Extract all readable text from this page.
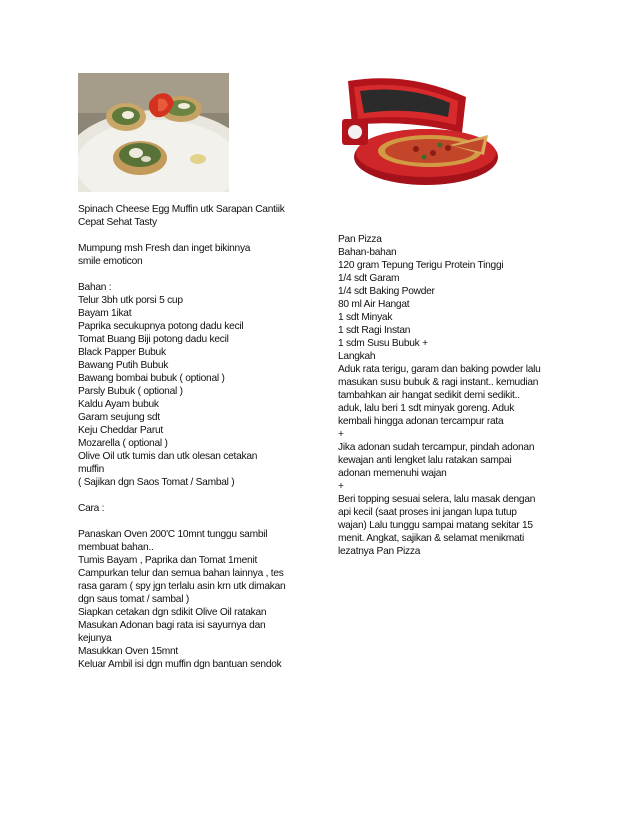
Spinach Cheese Egg Muffin utk Sarapan Cantiik
Cepat Sehat Tasty
Mumpung msh Fresh dan inget bikinnya
smile emoticon
Bahan :
Telur 3bh utk porsi 5 cup
Bayam 1ikat
Paprika secukupnya potong dadu kecil
Tomat Buang Biji potong dadu kecil
Black Papper Bubuk
Bawang Putih Bubuk
Bawang bombai bubuk ( optional )
Parsly Bubuk ( optional )
Kaldu Ayam bubuk
Garam seujung sdt
Keju Cheddar Parut
Mozarella ( optional )
Olive Oil utk tumis dan utk olesan cetakan
muffin
( Sajikan dgn Saos Tomat / Sambal )
Cara :
Panaskan Oven 200'C 10mnt tunggu sambil
membuat bahan..
Tumis Bayam , Paprika dan Tomat 1menit
Campurkan telur dan semua bahan lainnya , tes
rasa garam ( spy jgn terlalu asin krn utk dimakan
dgn saus tomat / sambal )
Siapkan cetakan dgn sdikit Olive Oil ratakan
Masukan Adonan bagi rata isi sayurnya dan
kejunya
Masukkan Oven 15mnt
Keluar Ambil isi dgn muffin dgn bantuan sendok
Pan Pizza
Bahan-bahan
120 gram Tepung Terigu Protein Tinggi
1/4 sdt Garam
1/4 sdt Baking Powder
80 ml Air Hangat
1 sdt Minyak
1 sdt Ragi Instan
1 sdm Susu Bubuk +
Langkah
Aduk rata terigu, garam dan baking powder lalu
masukan susu bubuk & ragi instant.. kemudian
tambahkan air hangat sedikit demi sedikit..
aduk, lalu beri 1 sdt minyak goreng. Aduk
kembali hingga adonan tercampur rata
+
Jika adonan sudah tercampur, pindah adonan
kewajan anti lengket lalu ratakan sampai
adonan memenuhi wajan
+
Beri topping sesuai selera, lalu masak dengan
api kecil (saat proses ini jangan lupa tutup
wajan) Lalu tunggu sampai matang sekitar 15
menit. Angkat, sajikan & selamat menikmati
lezatnya Pan Pizza
